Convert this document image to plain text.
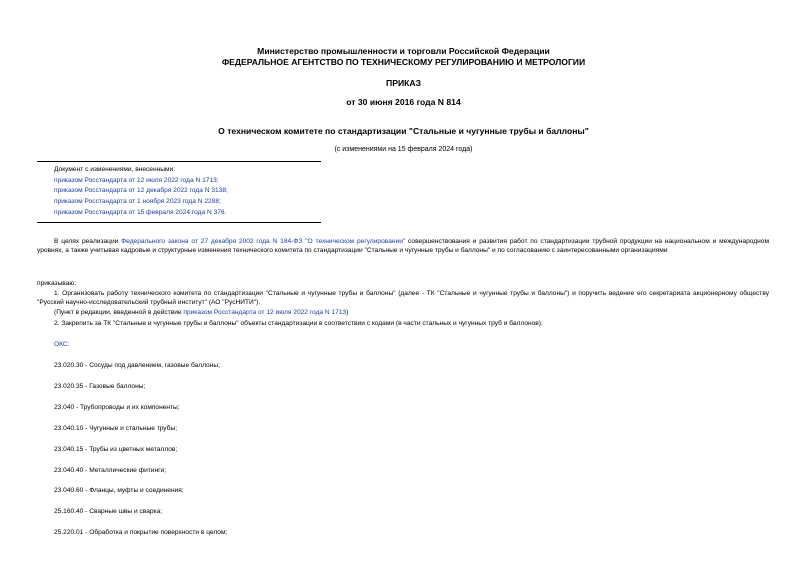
Министерство промышленности и торговли Российской Федерации
ФЕДЕРАЛЬНОЕ АГЕНТСТВО ПО ТЕХНИЧЕСКОМУ РЕГУЛИРОВАНИЮ И МЕТРОЛОГИИ
ПРИКАЗ
от 30 июня 2016 года N 814
О техническом комитете по стандартизации "Стальные и чугунные трубы и баллоны"
(с изменениями на 15 февраля 2024 года)
Документ с изменениями, внесенными:
приказом Росстандарта от 12 июля 2022 года N 1713;
приказом Росстандарта от 12 декабря 2022 года N 3138;
приказом Росстандарта от 1 ноября 2023 года N 2288;
приказом Росстандарта от 15 февраля 2024 года N 376.
В целях реализации Федерального закона от 27 декабря 2002 года N 184-ФЗ "О техническом регулировании" совершенствования и развития работ по стандартизации трубной продукции на национальном и международном уровнях, а также учитывая кадровые и структурные изменения технического комитета по стандартизации "Стальные и чугунные трубы и баллоны" и по согласованию с заинтересованными организациями
приказываю:
1. Организовать работу технического комитета по стандартизации "Стальные и чугунные трубы и баллоны" (далее - ТК "Стальные и чугунные трубы и баллоны") и поручить ведение его секретариата акционерному обществу "Русский научно-исследовательский трубный институт" (АО "РусНИТИ").
(Пункт в редакции, введенной в действие приказом Росстандарта от 12 июля 2022 года N 1713)
2. Закрепить за ТК "Стальные и чугунные трубы и баллоны" объекты стандартизации в соответствии с кодами (в части стальных и чугунных труб и баллонов):
ОКС:
23.020.30 - Сосуды под давлением, газовые баллоны;
23.020.35 - Газовые баллоны;
23.040 - Трубопроводы и их компоненты;
23.040.10 - Чугунные и стальные трубы;
23.040.15 - Трубы из цветных металлов;
23.040.40 - Металлические фитинги;
23.040.60 - Фланцы, муфты и соединения;
25.160.40 - Сварные швы и сварка;
25.220.01 - Обработка и покрытие поверхности в целом;
